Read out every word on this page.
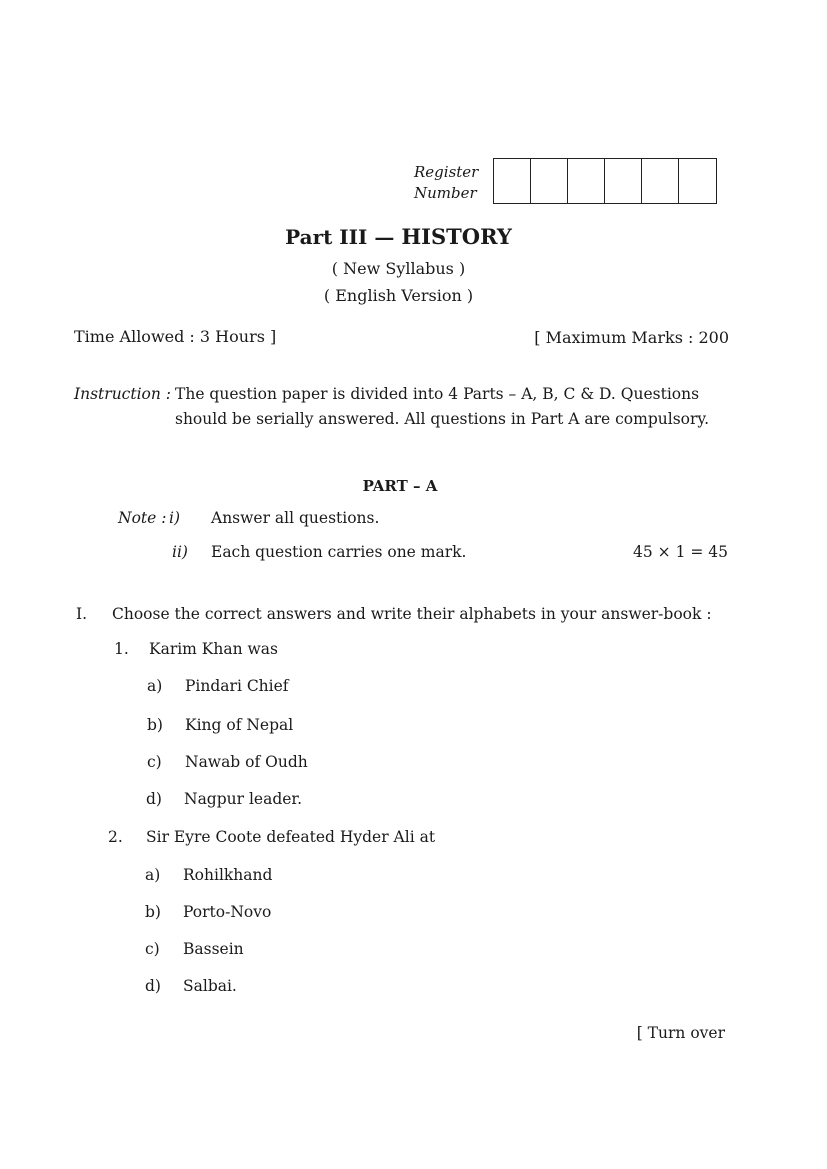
Register
Number
Part III — HISTORY
( New Syllabus )
( English Version )
Time Allowed : 3 Hours ]	[ Maximum Marks : 200
Instruction : The question paper is divided into 4 Parts – A, B, C & D. Questions
should be serially answered. All questions in Part A are compulsory.
PART – A
Note : i) Answer all questions.
ii) Each question carries one mark.	45 × 1 = 45
I. Choose the correct answers and write their alphabets in your answer-book :
1. Karim Khan was
a) Pindari Chief
b) King of Nepal
c) Nawab of Oudh
d) Nagpur leader.
2. Sir Eyre Coote defeated Hyder Ali at
a) Rohilkhand
b) Porto-Novo
c) Bassein
d) Salbai.
[ Turn over
